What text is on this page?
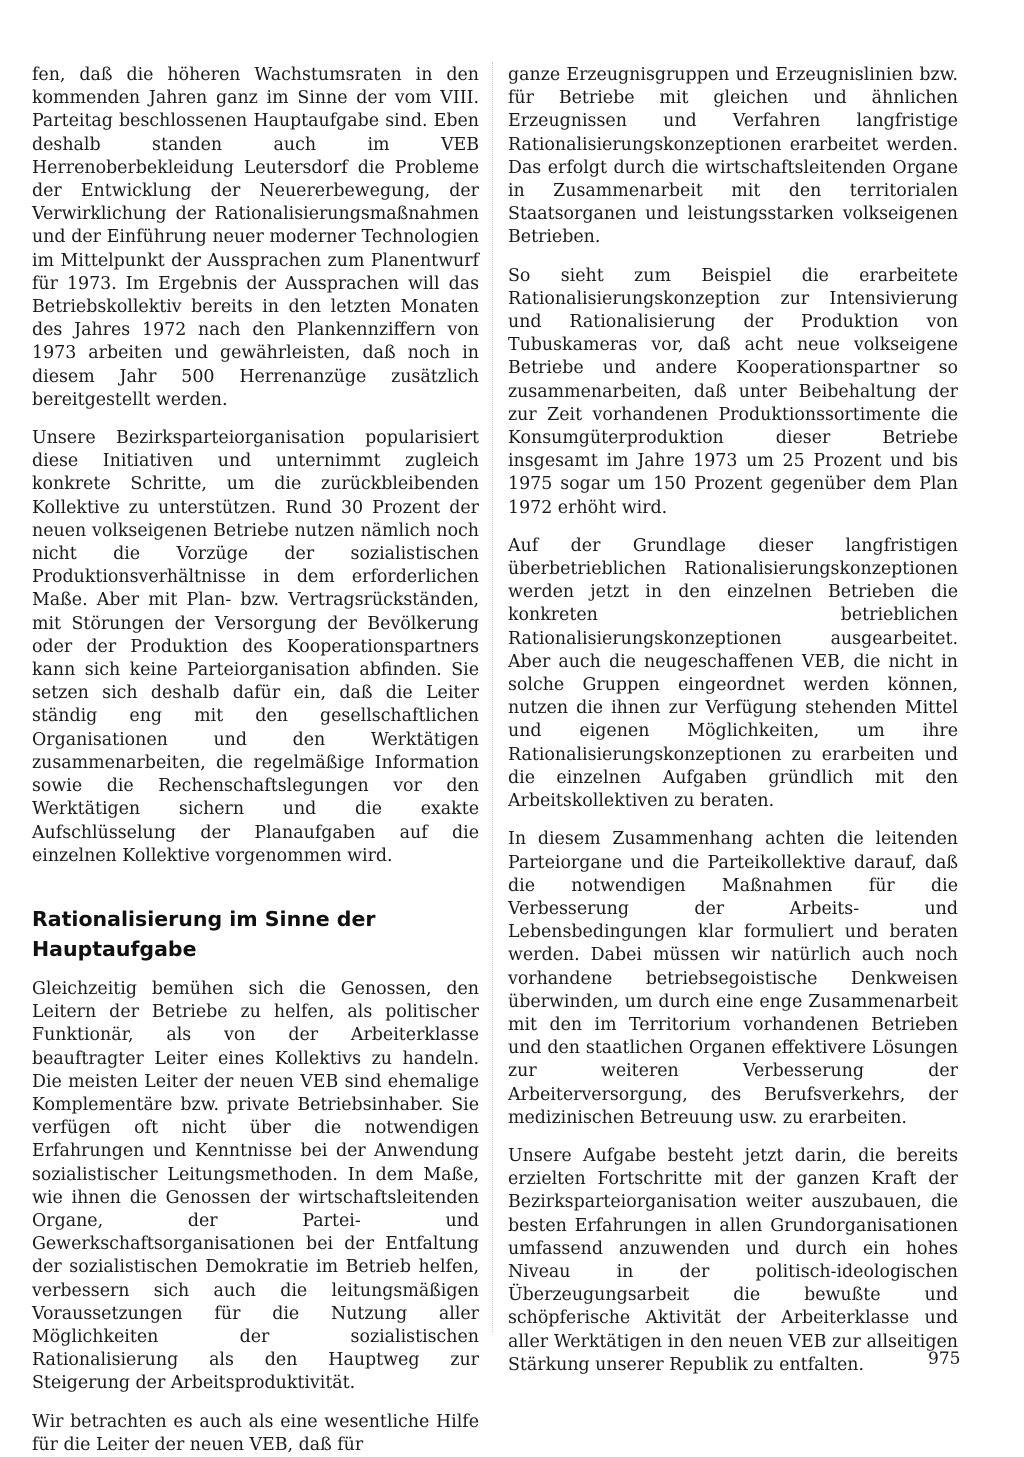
fen, daß die höheren Wachstumsraten in den kommenden Jahren ganz im Sinne der vom VIII. Parteitag beschlossenen Hauptaufgabe sind. Eben deshalb standen auch im VEB Herrenoberbekleidung Leutersdorf die Probleme der Entwicklung der Neuererbewegung, der Verwirklichung der Rationalisierungsmaßnahmen und der Einführung neuer moderner Technologien im Mittelpunkt der Aussprachen zum Planentwurf für 1973. Im Ergebnis der Aussprachen will das Betriebskollektiv bereits in den letzten Monaten des Jahres 1972 nach den Plankennziffern von 1973 arbeiten und gewährleisten, daß noch in diesem Jahr 500 Herrenanzüge zusätzlich bereitgestellt werden.

Unsere Bezirksparteiorganisation popularisiert diese Initiativen und unternimmt zugleich konkrete Schritte, um die zurückbleibenden Kollektive zu unterstützen. Rund 30 Prozent der neuen volkseigenen Betriebe nutzen nämlich noch nicht die Vorzüge der sozialistischen Produktionsverhältnisse in dem erforderlichen Maße. Aber mit Plan- bzw. Vertragsrückständen, mit Störungen der Versorgung der Bevölkerung oder der Produktion des Kooperationspartners kann sich keine Parteiorganisation abfinden. Sie setzen sich deshalb dafür ein, daß die Leiter ständig eng mit den gesellschaftlichen Organisationen und den Werktätigen zusammenarbeiten, die regelmäßige Information sowie die Rechenschaftslegungen vor den Werktätigen sichern und die exakte Aufschlüsselung der Planaufgaben auf die einzelnen Kollektive vorgenommen wird.

Rationalisierung im Sinne der Hauptaufgabe

Gleichzeitig bemühen sich die Genossen, den Leitern der Betriebe zu helfen, als politischer Funktionär, als von der Arbeiterklasse beauftragter Leiter eines Kollektivs zu handeln. Die meisten Leiter der neuen VEB sind ehemalige Komplementäre bzw. private Betriebsinhaber. Sie verfügen oft nicht über die notwendigen Erfahrungen und Kenntnisse bei der Anwendung sozialistischer Leitungsmethoden. In dem Maße, wie ihnen die Genossen der wirtschaftsleitenden Organe, der Partei- und Gewerkschaftsorganisationen bei der Entfaltung der sozialistischen Demokratie im Betrieb helfen, verbessern sich auch die leitungsmäßigen Voraussetzungen für die Nutzung aller Möglichkeiten der sozialistischen Rationalisierung als den Hauptweg zur Steigerung der Arbeitsproduktivität.

Wir betrachten es auch als eine wesentliche Hilfe für die Leiter der neuen VEB, daß für

ganze Erzeugnisgruppen und Erzeugnislinien bzw. für Betriebe mit gleichen und ähnlichen Erzeugnissen und Verfahren langfristige Rationalisierungskonzeptionen erarbeitet werden. Das erfolgt durch die wirtschaftsleitenden Organe in Zusammenarbeit mit den territorialen Staatsorganen und leistungsstarken volkseigenen Betrieben.

So sieht zum Beispiel die erarbeitete Rationalisierungskonzeption zur Intensivierung und Rationalisierung der Produktion von Tubuskameras vor, daß acht neue volkseigene Betriebe und andere Kooperationspartner so zusammenarbeiten, daß unter Beibehaltung der zur Zeit vorhandenen Produktionssortimente die Konsumgüterproduktion dieser Betriebe insgesamt im Jahre 1973 um 25 Prozent und bis 1975 sogar um 150 Prozent gegenüber dem Plan 1972 erhöht wird.

Auf der Grundlage dieser langfristigen überbetrieblichen Rationalisierungskonzeptionen werden jetzt in den einzelnen Betrieben die konkreten betrieblichen Rationalisierungskonzeptionen ausgearbeitet. Aber auch die neugeschaffenen VEB, die nicht in solche Gruppen eingeordnet werden können, nutzen die ihnen zur Verfügung stehenden Mittel und eigenen Möglichkeiten, um ihre Rationalisierungskonzeptionen zu erarbeiten und die einzelnen Aufgaben gründlich mit den Arbeitskollektiven zu beraten.

In diesem Zusammenhang achten die leitenden Parteiorgane und die Parteikollektive darauf, daß die notwendigen Maßnahmen für die Verbesserung der Arbeits- und Lebensbedingungen klar formuliert und beraten werden. Dabei müssen wir natürlich auch noch vorhandene betriebsegoistische Denkweisen überwinden, um durch eine enge Zusammenarbeit mit den im Territorium vorhandenen Betrieben und den staatlichen Organen effektivere Lösungen zur weiteren Verbesserung der Arbeiterversorgung, des Berufsverkehrs, der medizinischen Betreuung usw. zu erarbeiten.

Unsere Aufgabe besteht jetzt darin, die bereits erzielten Fortschritte mit der ganzen Kraft der Bezirksparteiorganisation weiter auszubauen, die besten Erfahrungen in allen Grundorganisationen umfassend anzuwenden und durch ein hohes Niveau in der politisch-ideologischen Überzeugungsarbeit die bewußte und schöpferische Aktivität der Arbeiterklasse und aller Werktätigen in den neuen VEB zur allseitigen Stärkung unserer Republik zu entfalten.	975
